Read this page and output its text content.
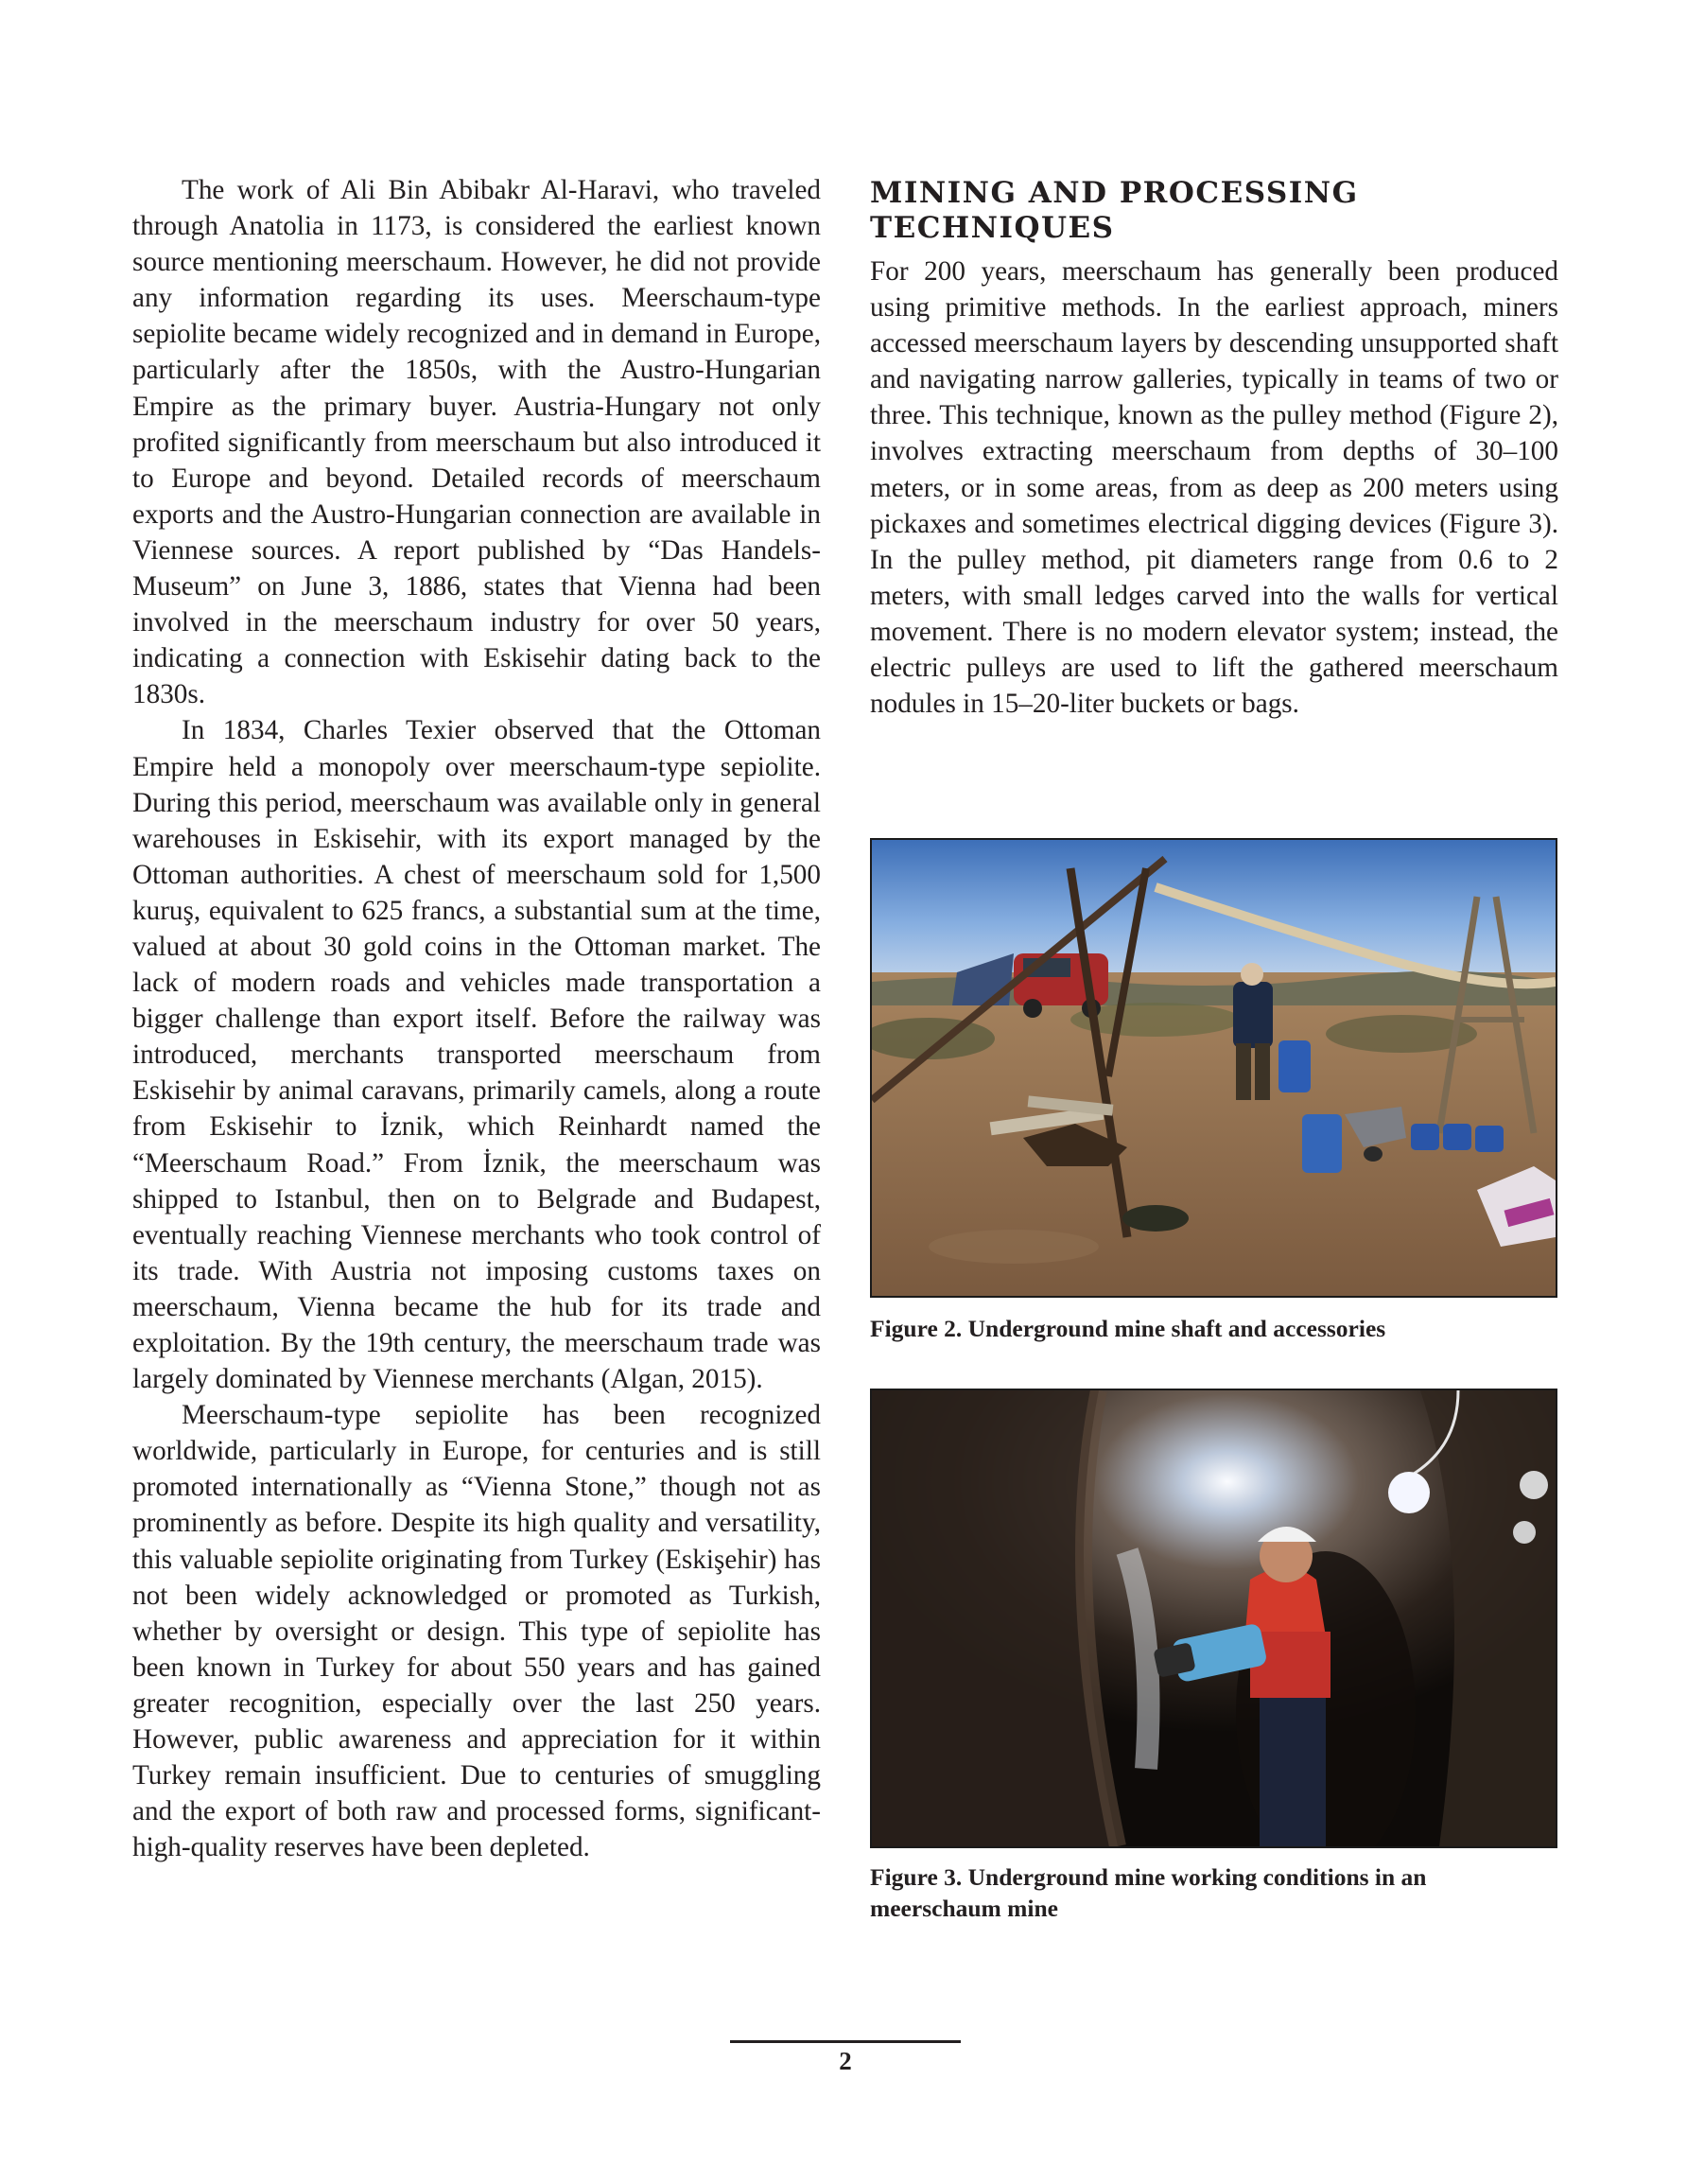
The work of Ali Bin Abibakr Al-Haravi, who traveled through Anatolia in 1173, is considered the earliest known source mentioning meerschaum. However, he did not provide any information regarding its uses. Meerschaum-type sepiolite became widely recognized and in demand in Europe, particularly after the 1850s, with the Austro-Hungarian Empire as the primary buyer. Austria-Hungary not only profited significantly from meerschaum but also introduced it to Europe and beyond. Detailed records of meerschaum exports and the Austro-Hungarian connection are available in Viennese sources. A report published by “Das Handels-Museum” on June 3, 1886, states that Vienna had been involved in the meerschaum industry for over 50 years, indicating a connection with Eskisehir dating back to the 1830s.

In 1834, Charles Texier observed that the Ottoman Empire held a monopoly over meerschaum-type sepiolite. During this period, meerschaum was available only in general warehouses in Eskisehir, with its export managed by the Ottoman authorities. A chest of meerschaum sold for 1,500 kuruş, equivalent to 625 francs, a substantial sum at the time, valued at about 30 gold coins in the Ottoman market. The lack of modern roads and vehicles made transportation a bigger challenge than export itself. Before the railway was introduced, merchants transported meerschaum from Eskisehir by animal caravans, primarily camels, along a route from Eskisehir to İznik, which Reinhardt named the “Meerschaum Road.” From İznik, the meerschaum was shipped to Istanbul, then on to Belgrade and Budapest, eventually reaching Viennese merchants who took control of its trade. With Austria not imposing customs taxes on meerschaum, Vienna became the hub for its trade and exploitation. By the 19th century, the meerschaum trade was largely dominated by Viennese merchants (Algan, 2015).

Meerschaum-type sepiolite has been recognized worldwide, particularly in Europe, for centuries and is still promoted internationally as “Vienna Stone,” though not as prominently as before. Despite its high quality and versatility, this valuable sepiolite originating from Turkey (Eskişehir) has not been widely acknowledged or promoted as Turkish, whether by oversight or design. This type of sepiolite has been known in Turkey for about 550 years and has gained greater recognition, especially over the last 250 years. However, public awareness and appreciation for it within Turkey remain insufficient. Due to centuries of smuggling and the export of both raw and processed forms, significant-high-quality reserves have been depleted.

MINING AND PROCESSING
TECHNIQUES

For 200 years, meerschaum has generally been produced using primitive methods. In the earliest approach, miners accessed meerschaum layers by descending unsupported shaft and navigating narrow galleries, typically in teams of two or three. This technique, known as the pulley method (Figure 2), involves extracting meerschaum from depths of 30–100 meters, or in some areas, from as deep as 200 meters using pickaxes and sometimes electrical digging devices (Figure 3). In the pulley method, pit diameters range from 0.6 to 2 meters, with small ledges carved into the walls for vertical movement. There is no modern elevator system; instead, the electric pulleys are used to lift the gathered meerschaum nodules in 15–20-liter buckets or bags.

Figure 2. Underground mine shaft and accessories
Figure 3. Underground mine working conditions in an
meerschaum mine
2
